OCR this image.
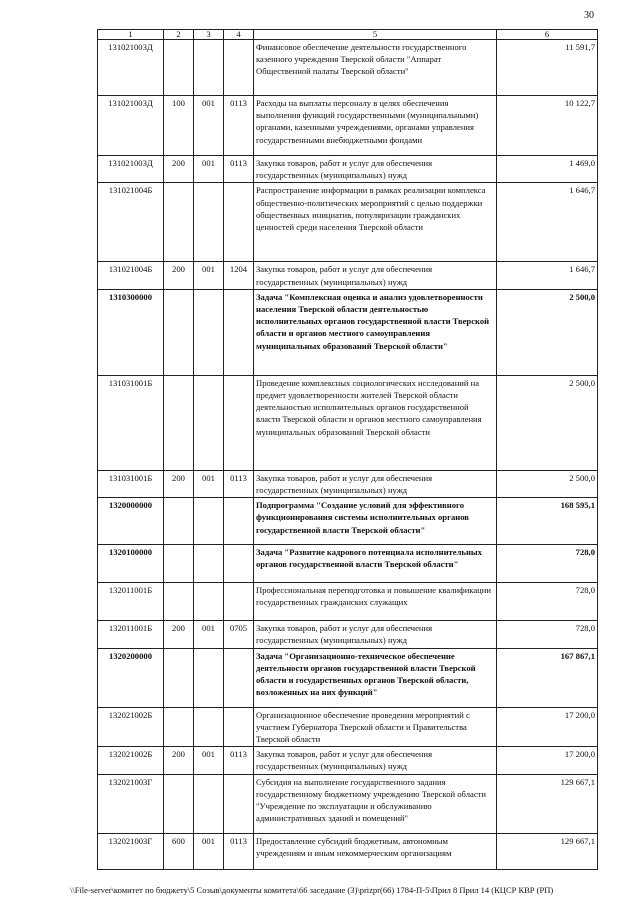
30
1	2	3	4	5	6
131021003Д				Финансовое обеспечение деятельности государственного казенного учреждения Тверской области "Аппарат Общественной палаты Тверской области"	11 591,7
131021003Д	100	001	0113	Расходы на выплаты персоналу в целях обеспечения выполнения функций государственными (муниципальными) органами, казенными учреждениями, органами управления государственными внебюджетными фондами	10 122,7
131021003Д	200	001	0113	Закупка товаров, работ и услуг для обеспечения государственных (муниципальных) нужд	1 469,0
131021004Б				Распространение информации в рамках реализации комплекса общественно-политических мероприятий с целью поддержки общественных инициатив, популяризации гражданских ценностей среди населения Тверской области	1 646,7
131021004Б	200	001	1204	Закупка товаров, работ и услуг для обеспечения государственных (муниципальных) нужд	1 646,7
1310300000				Задача "Комплексная оценка и анализ удовлетворенности населения Тверской области деятельностью исполнительных органов государственной власти Тверской области и органов местного самоуправления муниципальных образований Тверской области"	2 500,0
131031001Б				Проведение комплексных социологических исследований на предмет удовлетворенности жителей Тверской области деятельностью исполнительных органов государственной власти Тверской области и органов местного самоуправления муниципальных образований Тверской области	2 500,0
131031001Б	200	001	0113	Закупка товаров, работ и услуг для обеспечения государственных (муниципальных) нужд	2 500,0
1320000000				Подпрограмма "Создание условий для эффективного функционирования системы исполнительных органов государственной власти Тверской области"	168 595,1
1320100000				Задача "Развитие кадрового потенциала исполнительных органов государственной власти Тверской области"	728,0
132011001Б				Профессиональная переподготовка и повышение квалификации государственных гражданских служащих	728,0
132011001Б	200	001	0705	Закупка товаров, работ и услуг для обеспечения государственных (муниципальных) нужд	728,0
1320200000				Задача "Организационно-техническое обеспечение деятельности органов государственной власти Тверской области и государственных органов Тверской области, возложенных на них функций"	167 867,1
132021002Б				Организационное обеспечение проведения мероприятий с участием Губернатора Тверской области и Правительства Тверской области	17 200,0
132021002Б	200	001	0113	Закупка товаров, работ и услуг для обеспечения государственных (муниципальных) нужд	17 200,0
132021003Г				Субсидия на выполнение государственного задания государственному бюджетному учреждению Тверской области "Учреждение по эксплуатации и обслуживанию административных зданий и помещений"	129 667,1
132021003Г	600	001	0113	Предоставление субсидий бюджетным, автономным учреждениям и иным некоммерческим организациям	129 667,1
\\File-server\комитет по бюджету\5 Созыв\документы комитета\66 заседание (3)\prizpr(66) 1784-П-5\Прил 8 Прил 14 (КЦСР КВР (РП)
